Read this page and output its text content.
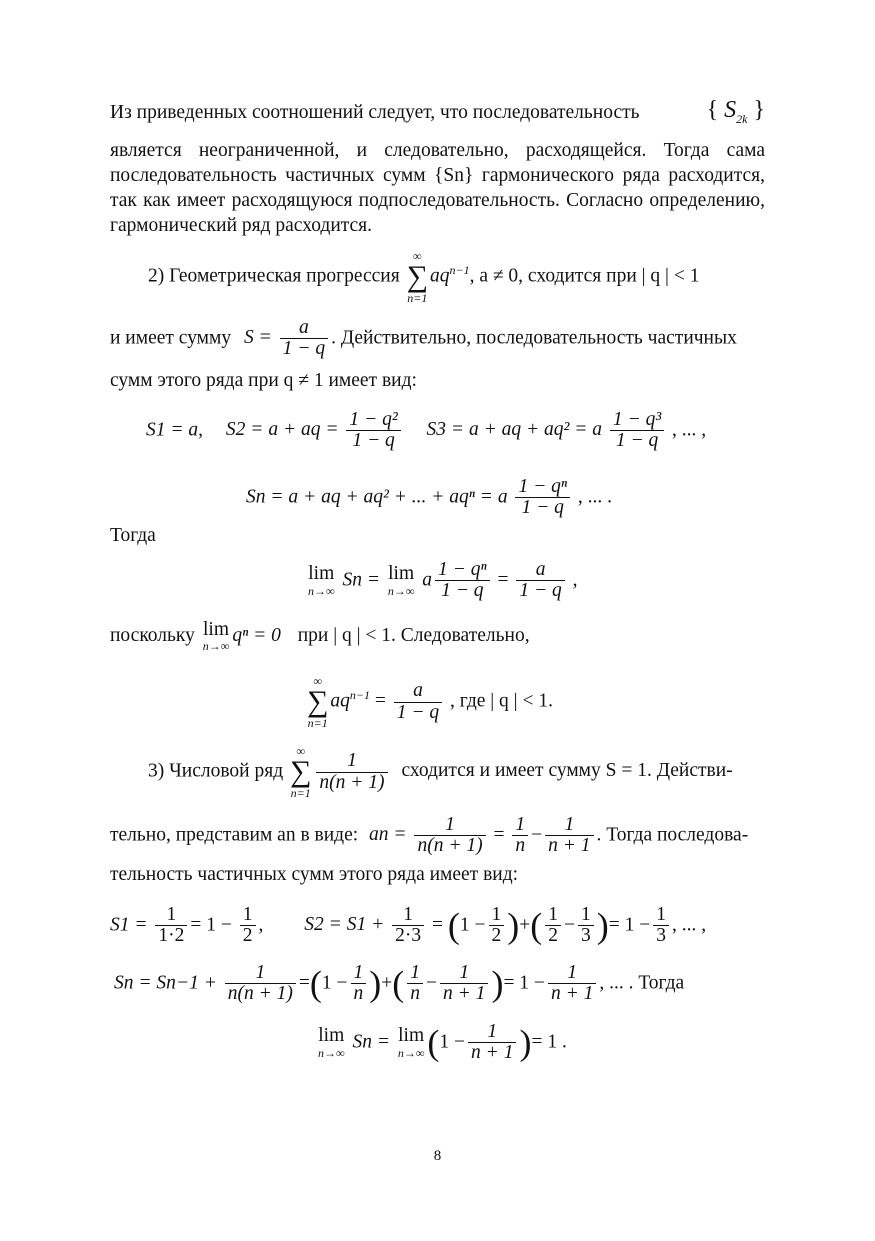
Из приведенных соотношений следует, что последовательность	{ $S_{2k}$ }

является неограниченной, и следовательно, расходящейся. Тогда сама последовательность частичных сумм {Sn} гармонического ряда расходится, так как имеет расходящуюся подпоследовательность. Согласно определению, гармонический ряд расходится.

2) Геометрическая прогрессия
∞
∑
n=1
$aq^{n-1}$, a ≠ 0, сходится при | q | < 1
и имеет сумму $S = \frac{a}{1 - q}$ . Действительно, последовательность частичных
сумм этого ряда при q ≠ 1 имеет вид:
S1 = a, S2 = a + aq = $\frac{\text{1 − q²}}{1 - q} S3 = a$ + aq + aq² = a $\frac{\text{1 − q³}}{1 - q}$ , ... ,
Sn = a + aq + aq² + ... + aqⁿ = a $\frac{\text{1 − qⁿ}}{1 - q}$ , ... .
Тогда
lim
n→∞
Sn = lim
n→∞
a $\frac{\text{1 − qⁿ}}{1 - q} = \frac{a}{1 - q}$ ,
поскольку lim
n→∞
qⁿ = 0 при | q | < 1. Следовательно,
∞
∑
n=1
$aq^{n-1} = \frac{a}{1 - q}$ , где | q | < 1.
3) Числовой ряд
∞
∑
n=1
$\frac{1}{n(n + 1)}$ сходится и имеет сумму S = 1. Действи-
тельно, представим an в виде: an = $\frac{1}{n(n + 1)} = \frac{1}{n} - \frac{1}{n + 1}$ . Тогда последова-
тельность частичных сумм этого ряда имеет вид:
$S1 = \frac{1}{1\cdot 2} = 1 - \frac{1}{2}$ , $S2 = S1 + \frac{1}{2\cdot 3} = (1 - \frac{1}{2}$ )+( $\frac{1}{2} - \frac{1}{3}$ )= $1 - \frac{1}{3}$ , ... ,
$Sn = Sn-1 + \frac{1}{n(n + 1)} =(1 - \frac{1}{n}$ )+( $\frac{1}{n} - \frac{1}{n + 1}$ )= $1 - \frac{1}{n + 1}$ , ... . Тогда
lim
n→∞
Sn = lim
n→∞ ($1 - \frac{1}{n + 1}$ )= 1 .
8
